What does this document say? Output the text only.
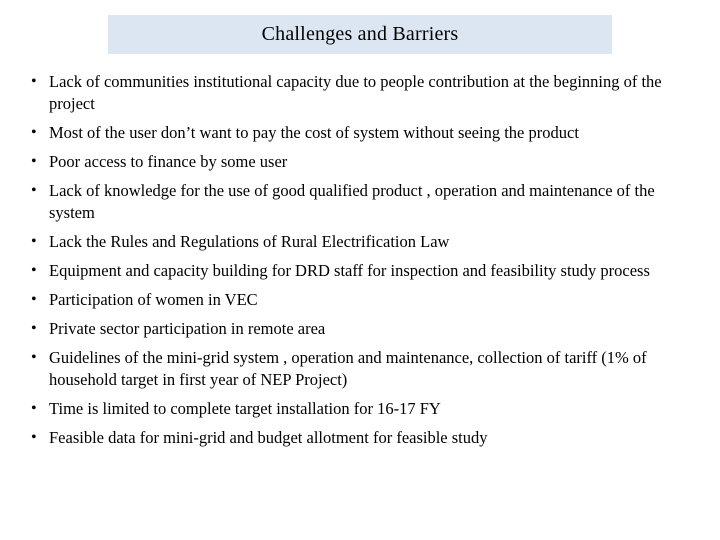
Challenges and Barriers
• Lack of communities institutional capacity due to people contribution at the beginning of the project
• Most of the user don’t want to pay the cost of system without seeing the product
• Poor access to finance by some user
• Lack of knowledge for the use of good qualified product , operation and maintenance of the system
• Lack the Rules and Regulations of Rural Electrification Law
• Equipment and capacity building for DRD staff for inspection and feasibility study process
• Participation of women in VEC
• Private sector participation in remote area
• Guidelines of the mini-grid system , operation and maintenance, collection of tariff (1% of household target in first year of NEP Project)
• Time is limited to complete target installation for 16-17 FY
• Feasible data for mini-grid and budget allotment for feasible study
